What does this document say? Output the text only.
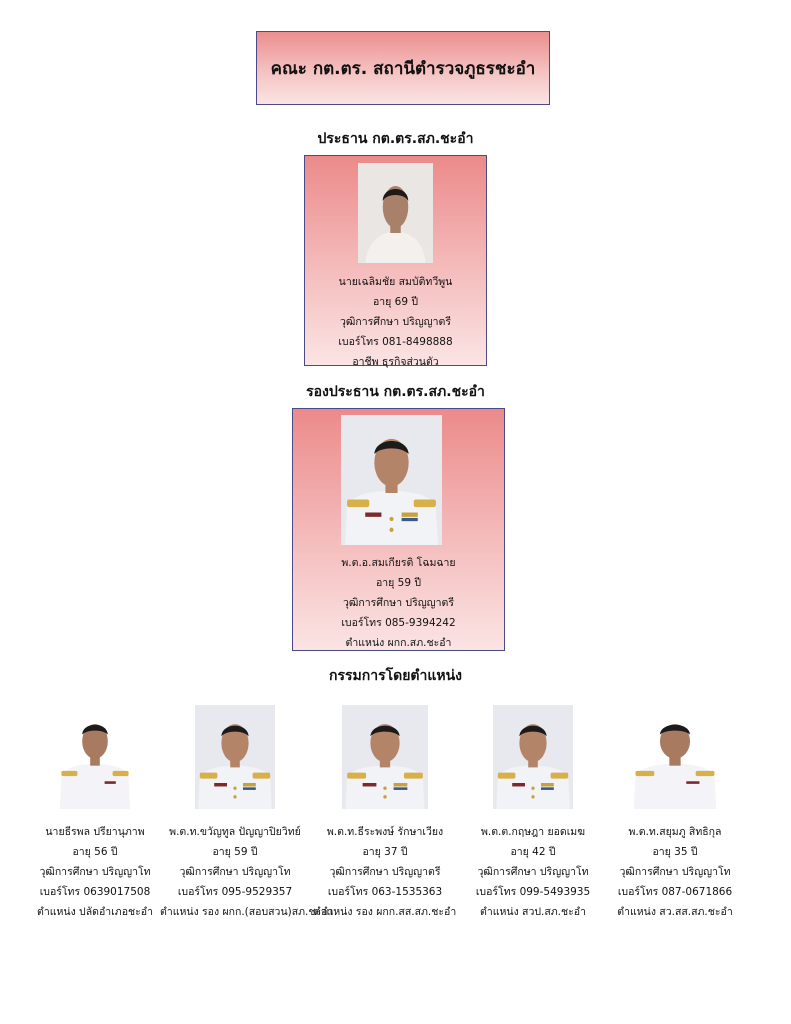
คณะ กต.ตร. สถานีตำรวจภูธรชะอำ
ประธาน กต.ตร.สภ.ชะอำ
นายเฉลิมชัย สมบัติทวีพูน
อายุ 69 ปี
วุฒิการศึกษา ปริญญาตรี
เบอร์โทร 081-8498888
อาชีพ ธุรกิจส่วนตัว
รองประธาน กต.ตร.สภ.ชะอำ
พ.ต.อ.สมเกียรติ โฉมฉาย
อายุ 59 ปี
วุฒิการศึกษา ปริญญาตรี
เบอร์โทร 085-9394242
ตำแหน่ง ผกก.สภ.ชะอำ
กรรมการโดยตำแหน่ง
นายธีรพล ปรียานุภาพ
อายุ 56 ปี
วุฒิการศึกษา ปริญญาโท
เบอร์โทร 0639017508
ตำแหน่ง ปลัดอำเภอชะอำ
พ.ต.ท.ขวัญทูล ปัญญาปิยวิทย์
อายุ 59 ปี
วุฒิการศึกษา ปริญญาโท
เบอร์โทร 095-9529357
ตำแหน่ง รอง ผกก.(สอบสวน)สภ.ชะอำ
พ.ต.ท.ธีระพงษ์ รักษาเวียง
อายุ 37 ปี
วุฒิการศึกษา ปริญญาตรี
เบอร์โทร 063-1535363
ตำแหน่ง รอง ผกก.สส.สภ.ชะอำ
พ.ต.ต.กฤษฎา ยอดเมฆ
อายุ 42 ปี
วุฒิการศึกษา ปริญญาโท
เบอร์โทร 099-5493935
ตำแหน่ง สวป.สภ.ชะอำ
พ.ต.ท.สยุมภู สิทธิกุล
อายุ 35 ปี
วุฒิการศึกษา ปริญญาโท
เบอร์โทร 087-0671866
ตำแหน่ง สว.สส.สภ.ชะอำ
